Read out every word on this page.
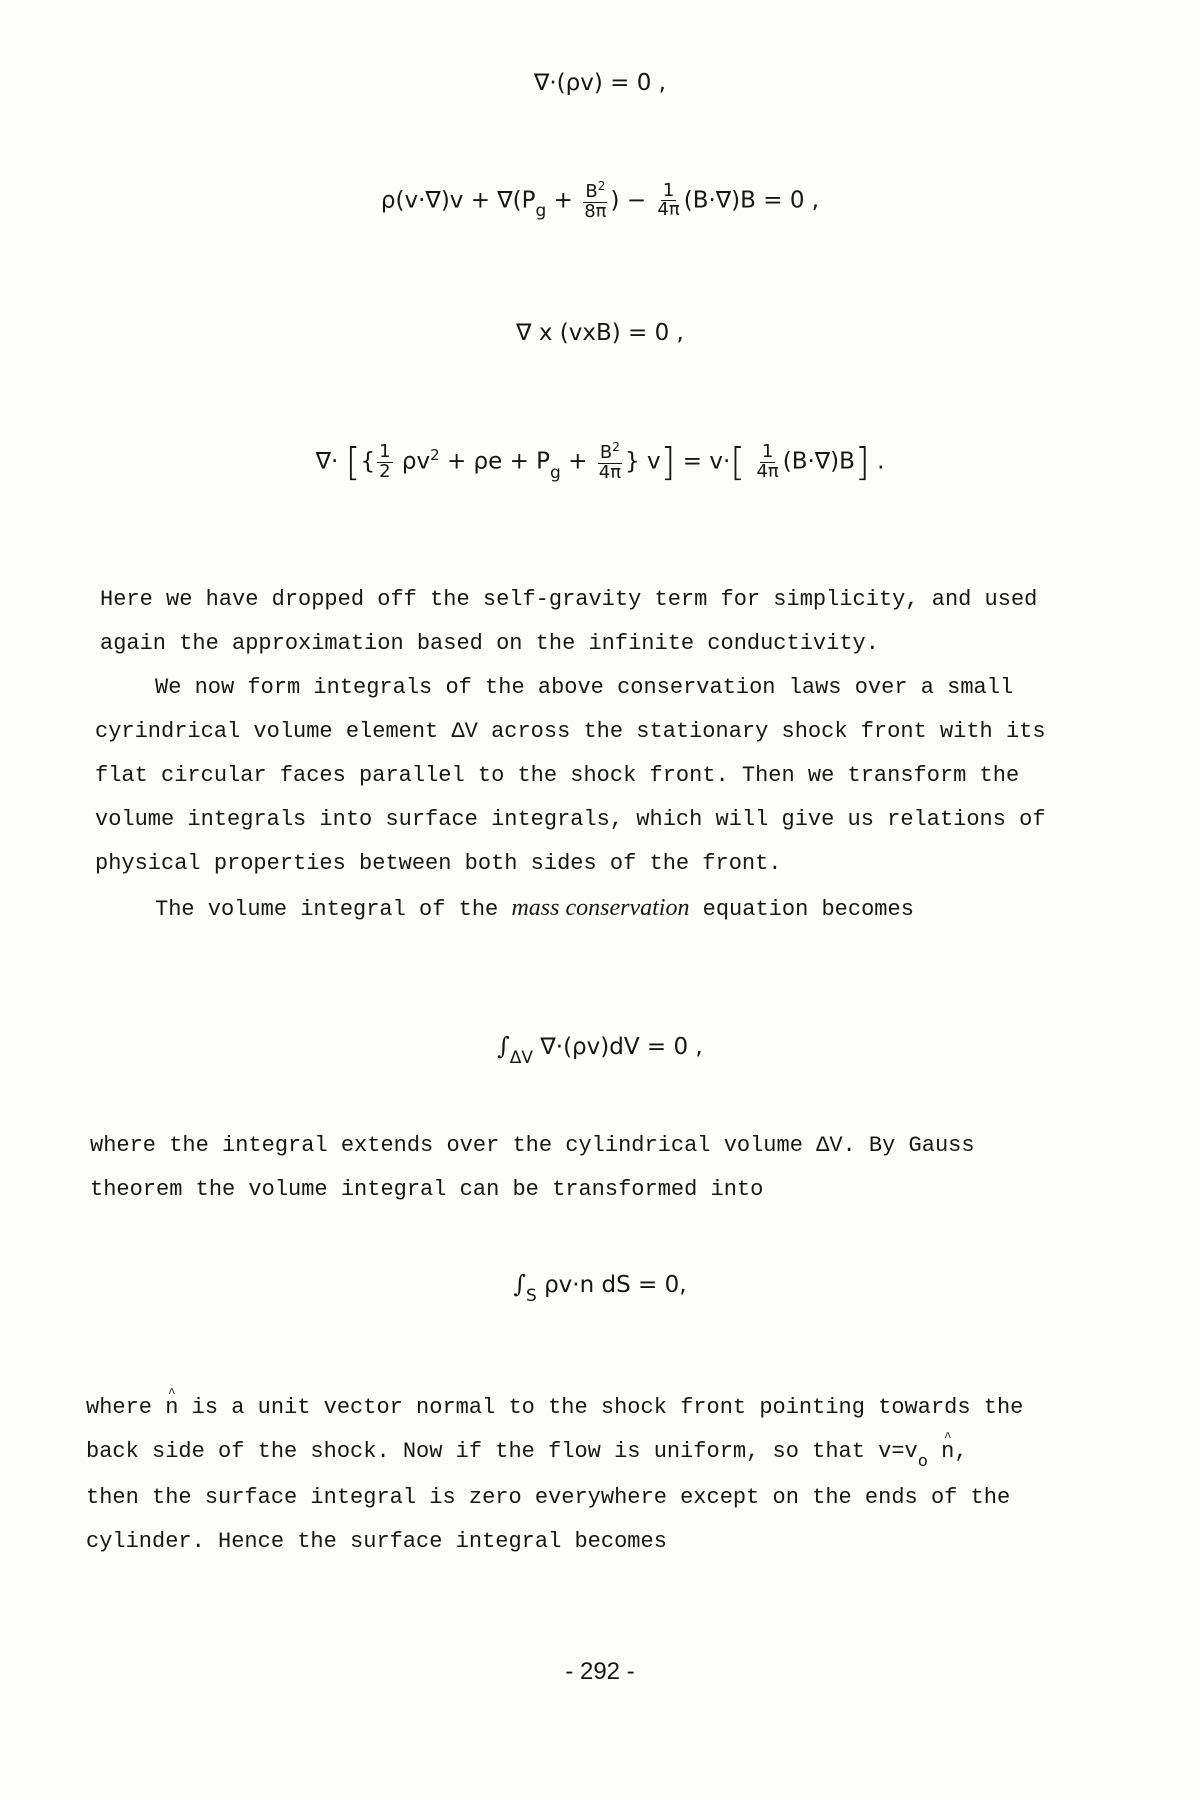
∇·(ρv) = 0 ,
$\rho(v\cdot\nabla)v + \nabla(P_g + \frac{B^2}{8\pi}$ ) − $\frac{1}{4\pi} (B\cdot\nabla)B = 0$ ,
∇ x (vxB) = 0 ,
∇· [{ $\frac{1}{2} \rho v^2 + \rho e + P_g + \frac{B^2}{4\pi}$ } $v] = v\cdot[ \frac{1}{4\pi} (B\cdot\nabla)B]$ .

Here we have dropped off the self-gravity term for simplicity, and used
again the approximation based on the infinite conductivity.

We now form integrals of the above conservation laws over a small
cyrindrical volume element ΔV across the stationary shock front with its
flat circular faces parallel to the shock front. Then we transform the
volume integrals into surface integrals, which will give us relations of
physical properties between both sides of the front.

The volume integral of the mass conservation equation becomes

$\int_{\Delta V}$ ∇·(ρv)dV = 0 ,

where the integral extends over the cylindrical volume ΔV. By Gauss
theorem the volume integral can be transformed into

$\int_S$ ρv·n dS = 0,

where n ^ is a unit vector normal to the shock front pointing towards the
back side of the shock. Now if the flow is uniform, so that $v=v_o$ n ^,
then the surface integral is zero everywhere except on the ends of the
cylinder. Hence the surface integral becomes

- 292 -
